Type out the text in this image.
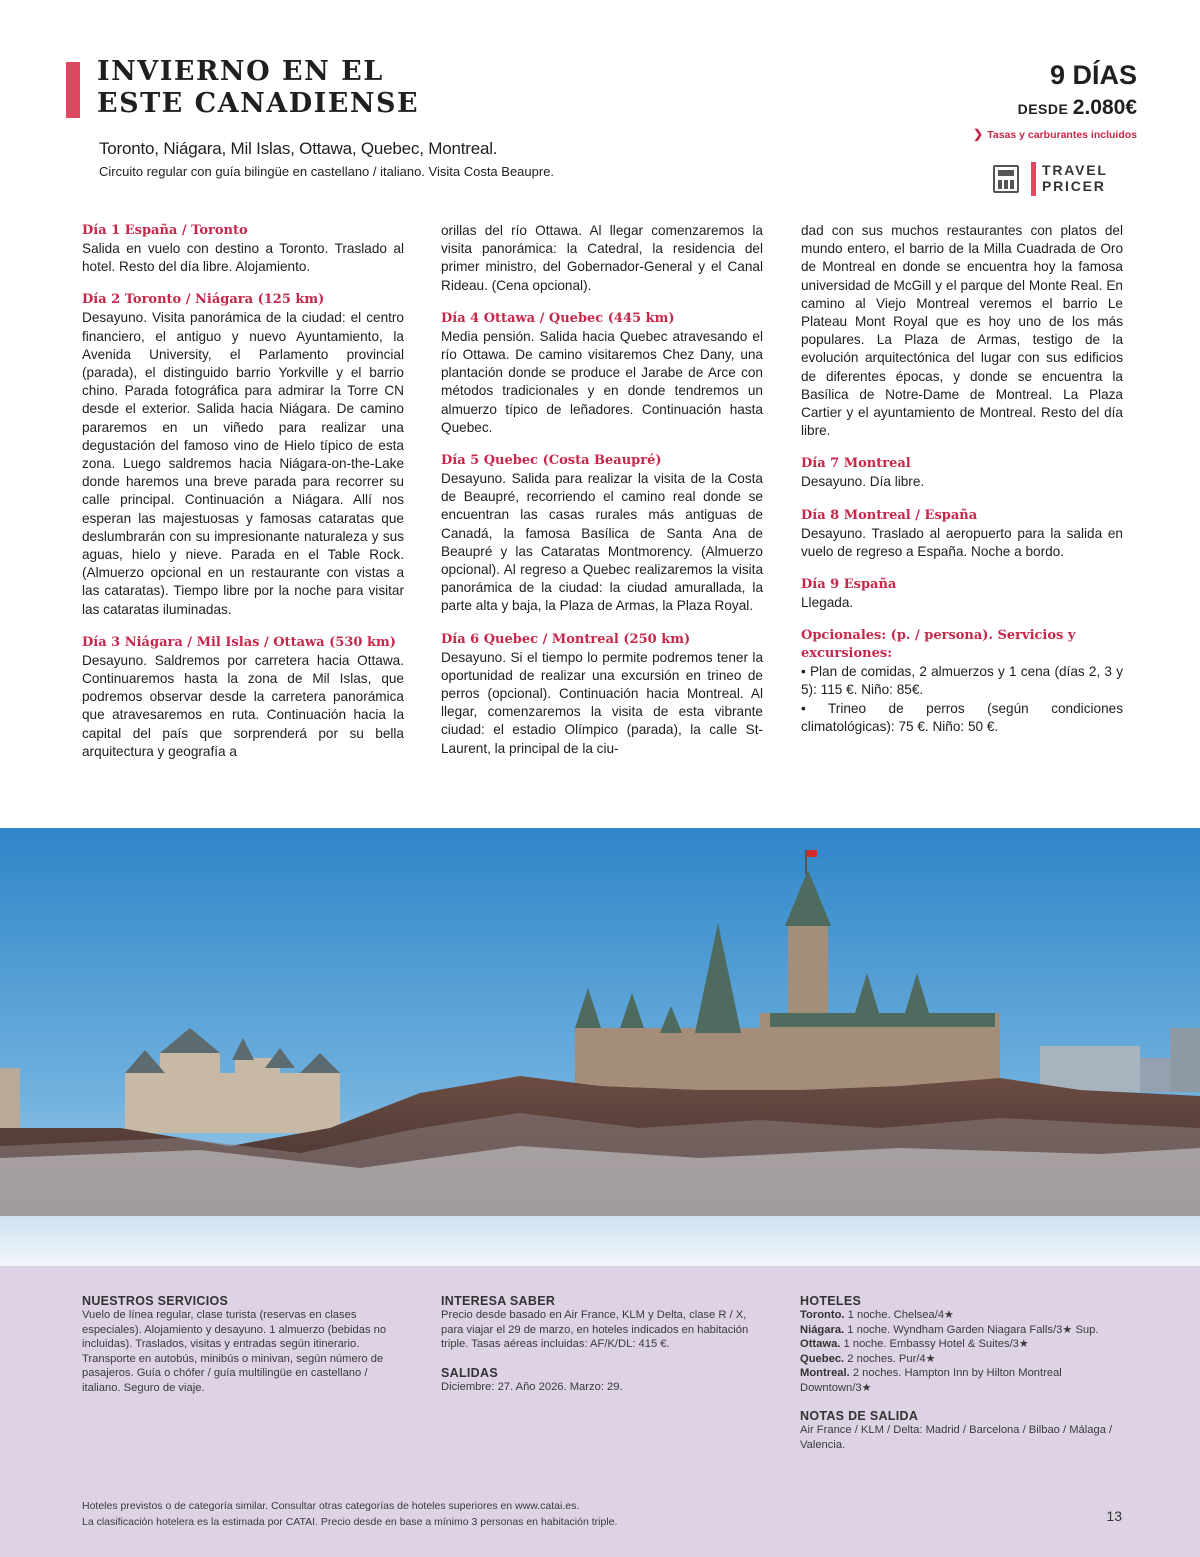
INVIERNO EN EL
ESTE CANADIENSE
Toronto, Niágara, Mil Islas, Ottawa, Quebec, Montreal.
Circuito regular con guía bilingüe en castellano / italiano. Visita Costa Beaupre.
9 DÍAS
DESDE 2.080€
❯ Tasas y carburantes incluidos
TRAVEL
PRICER
Día 1 España / Toronto

Salida en vuelo con destino a Toronto. Traslado al hotel. Resto del día libre. Alojamiento.

Día 2 Toronto / Niágara (125 km)

Desayuno. Visita panorámica de la ciudad: el centro financiero, el antiguo y nuevo Ayuntamiento, la Avenida University, el Parlamento provincial (parada), el distinguido barrio Yorkville y el barrio chino. Parada fotográfica para admirar la Torre CN desde el exterior. Salida hacia Niágara. De camino pararemos en un viñedo para realizar una degustación del famoso vino de Hielo típico de esta zona. Luego saldremos hacia Niágara-on-the-Lake donde haremos una breve parada para recorrer su calle principal. Continuación a Niágara. Allí nos esperan las majestuosas y famosas cataratas que deslumbrarán con su impresionante naturaleza y sus aguas, hielo y nieve. Parada en el Table Rock. (Almuerzo opcional en un restaurante con vistas a las cataratas). Tiempo libre por la noche para visitar las cataratas iluminadas.

Día 3 Niágara / Mil Islas / Ottawa (530 km)

Desayuno. Saldremos por carretera hacia Ottawa. Continuaremos hasta la zona de Mil Islas, que podremos observar desde la carretera panorámica que atravesaremos en ruta. Continuación hacia la capital del país que sorprenderá por su bella arquitectura y geografía a

orillas del río Ottawa. Al llegar comenzaremos la visita panorámica: la Catedral, la residencia del primer ministro, del Gobernador-General y el Canal Rideau. (Cena opcional).

Día 4 Ottawa / Quebec (445 km)

Media pensión. Salida hacia Quebec atravesando el río Ottawa. De camino visitaremos Chez Dany, una plantación donde se produce el Jarabe de Arce con métodos tradicionales y en donde tendremos un almuerzo típico de leñadores. Continuación hasta Quebec.

Día 5 Quebec (Costa Beaupré)

Desayuno. Salida para realizar la visita de la Costa de Beaupré, recorriendo el camino real donde se encuentran las casas rurales más antiguas de Canadá, la famosa Basílica de Santa Ana de Beaupré y las Cataratas Montmorency. (Almuerzo opcional). Al regreso a Quebec realizaremos la visita panorámica de la ciudad: la ciudad amurallada, la parte alta y baja, la Plaza de Armas, la Plaza Royal.

Día 6 Quebec / Montreal (250 km)

Desayuno. Si el tiempo lo permite podremos tener la oportunidad de realizar una excursión en trineo de perros (opcional). Continuación hacia Montreal. Al llegar, comenzaremos la visita de esta vibrante ciudad: el estadio Olímpico (parada), la calle St-Laurent, la principal de la ciu-

dad con sus muchos restaurantes con platos del mundo entero, el barrio de la Milla Cuadrada de Oro de Montreal en donde se encuentra hoy la famosa universidad de McGill y el parque del Monte Real. En camino al Viejo Montreal veremos el barrio Le Plateau Mont Royal que es hoy uno de los más populares. La Plaza de Armas, testigo de la evolución arquitectónica del lugar con sus edificios de diferentes épocas, y donde se encuentra la Basílica de Notre-Dame de Montreal. La Plaza Cartier y el ayuntamiento de Montreal. Resto del día libre.

Día 7 Montreal

Desayuno. Día libre.

Día 8 Montreal / España

Desayuno. Traslado al aeropuerto para la salida en vuelo de regreso a España. Noche a bordo.

Día 9 España

Llegada.

Opcionales: (p. / persona). Servicios y excursiones:

• Plan de comidas, 2 almuerzos y 1 cena (días 2, 3 y 5): 115 €. Niño: 85€.

• Trineo de perros (según condiciones climatológicas): 75 €. Niño: 50 €.

NUESTROS SERVICIOS

Vuelo de línea regular, clase turista (reservas en clases especiales). Alojamiento y desayuno. 1 almuerzo (bebidas no incluidas). Traslados, visitas y entradas según itinerario. Transporte en autobús, minibús o minivan, según número de pasajeros. Guía o chófer / guía multilingüe en castellano / italiano. Seguro de viaje.

INTERESA SABER

Precio desde basado en Air France, KLM y Delta, clase R / X, para viajar el 29 de marzo, en hoteles indicados en habitación triple. Tasas aéreas incluidas: AF/K/DL: 415 €.

SALIDAS

Diciembre: 27. Año 2026. Marzo: 29.

HOTELES
Toronto. 1 noche. Chelsea/4★
Niágara. 1 noche. Wyndham Garden Niagara Falls/3★ Sup.
Ottawa. 1 noche. Embassy Hotel & Suites/3★
Quebec. 2 noches. Pur/4★
Montreal. 2 noches. Hampton Inn by Hilton Montreal Downtown/3★
NOTAS DE SALIDA

Air France / KLM / Delta: Madrid / Barcelona / Bilbao / Málaga / Valencia.

Hoteles previstos o de categoría similar. Consultar otras categorías de hoteles superiores en www.catai.es.
La clasificación hotelera es la estimada por CATAI. Precio desde en base a mínimo 3 personas en habitación triple.	13
